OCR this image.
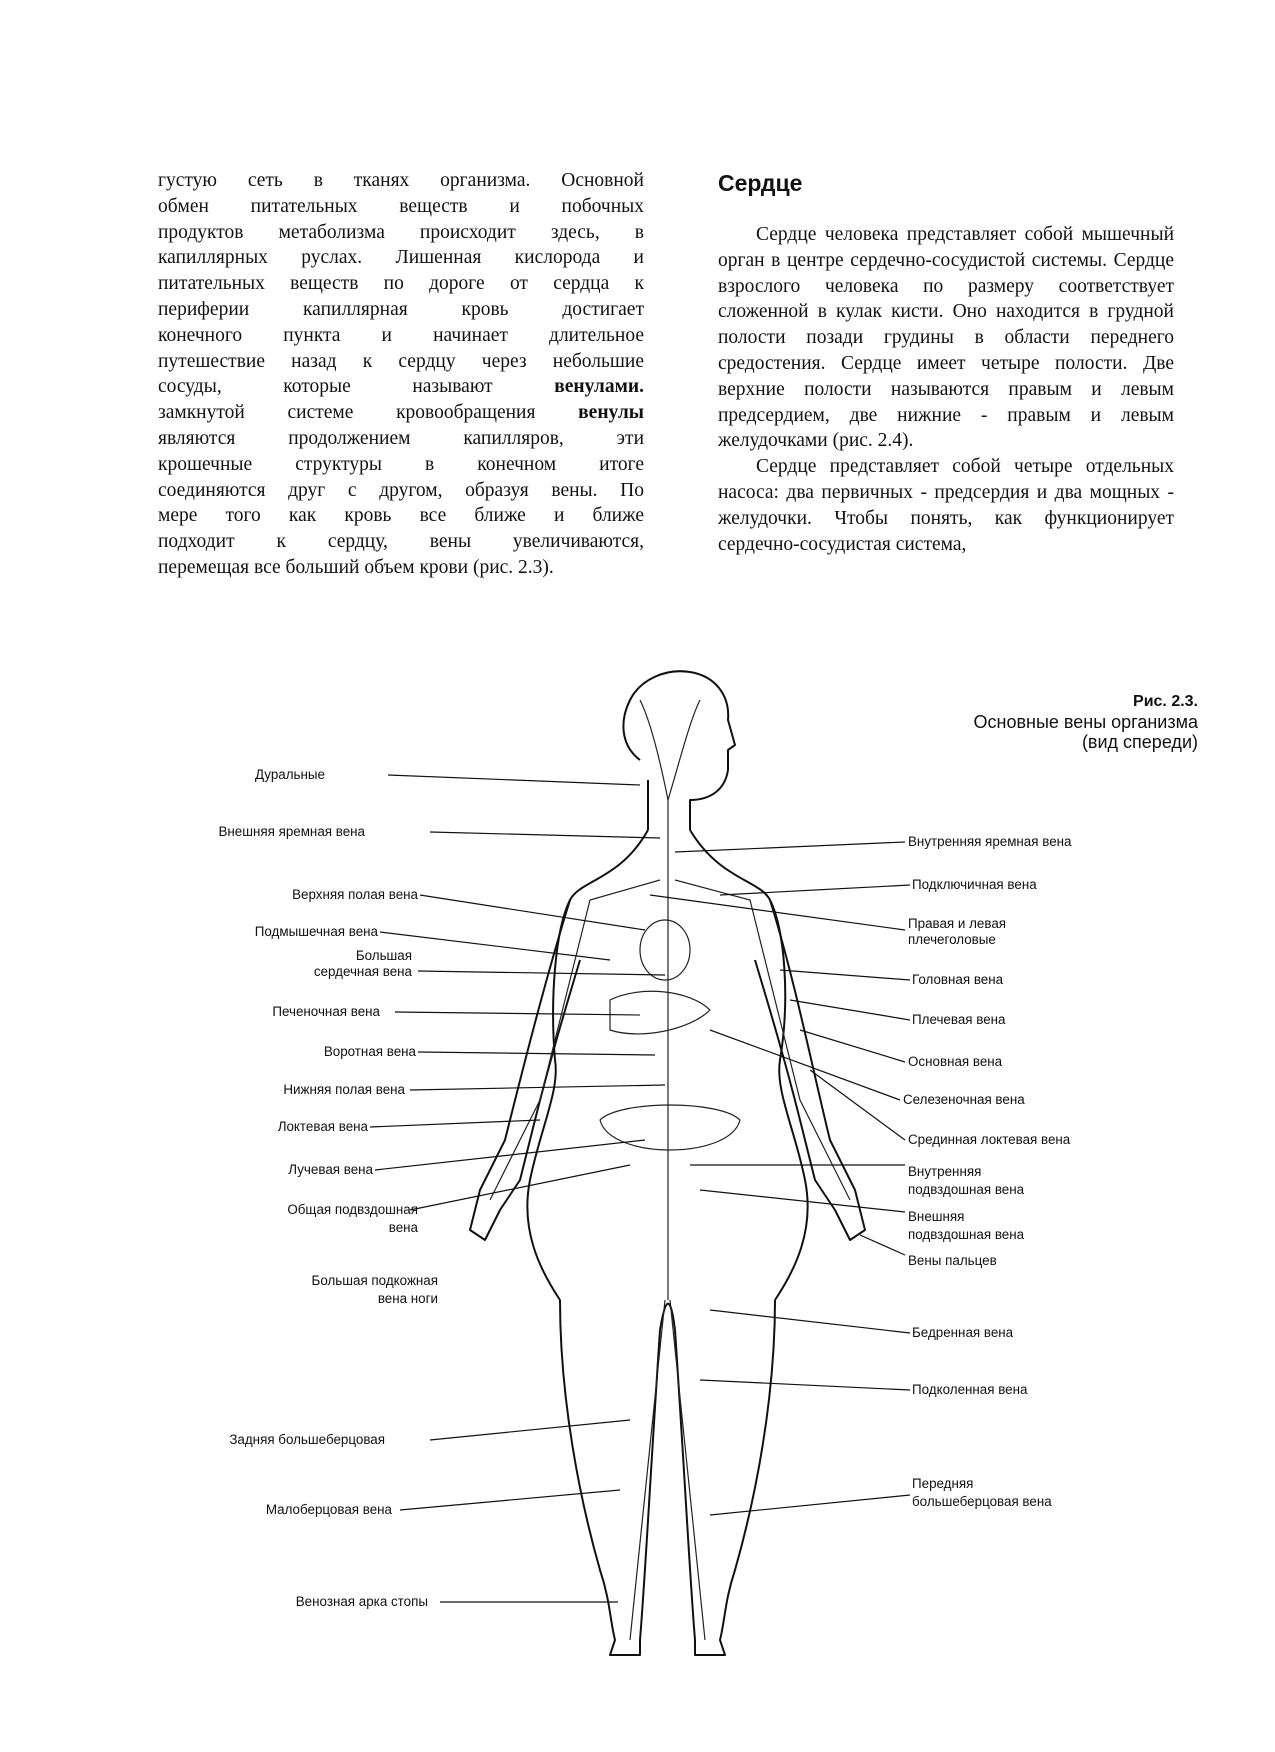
густую сеть в тканях организма. Основной

обмен питательных веществ и побочных

продуктов метаболизма происходит здесь, в

капиллярных руслах. Лишенная кислорода и

питательных веществ по дороге от сердца к

периферии капиллярная кровь достигает

конечного пункта и начинает длительное

путешествие назад к сердцу через небольшие

сосуды, которые называют	венулами.

замкнутой системе кровообращения венулы

являются продолжением капилляров, эти

крошечные структуры в конечном итоге

соединяются друг с другом, образуя вены. По

мере того как кровь все ближе и ближе

подходит к сердцу, вены увеличиваются,

перемещая все больший объем крови (рис. 2.3).

Сердце

Сердце человека представляет собой мышечный орган в центре сердечно-сосудистой системы. Сердце взрослого человека по размеру соответствует сложенной в кулак кисти. Оно находится в грудной полости позади грудины в области переднего средостения. Сердце имеет четыре полости. Две верхние полости называются правым и левым предсердием, две нижние - правым и левым желудочками (рис. 2.4).

Сердце представляет собой четыре отдельных насоса: два первичных - предсердия и два мощных - желудочки. Чтобы понять, как функционирует сердечно-сосудистая система,

Рис. 2.3.
Основные вены организма
(вид спереди)
Дуральные
Внешняя яремная вена
Верхняя полая вена
Подмышечная вена
Большая
сердечная вена
Печеночная вена
Воротная вена
Нижняя полая вена
Локтевая вена
Лучевая вена
Общая подвздошная
вена
Большая подкожная
вена ноги
Задняя большеберцовая
Малоберцовая вена
Венозная арка стопы
Внутренняя яремная вена
Подключичная вена
Правая и левая
плечеголовые
Головная вена
Плечевая вена
Основная вена
Селезеночная вена
Срединная локтевая вена
Внутренняя
подвздошная вена
Внешняя
подвздошная вена
Вены пальцев
Бедренная вена
Подколенная вена
Передняя
большеберцовая вена
